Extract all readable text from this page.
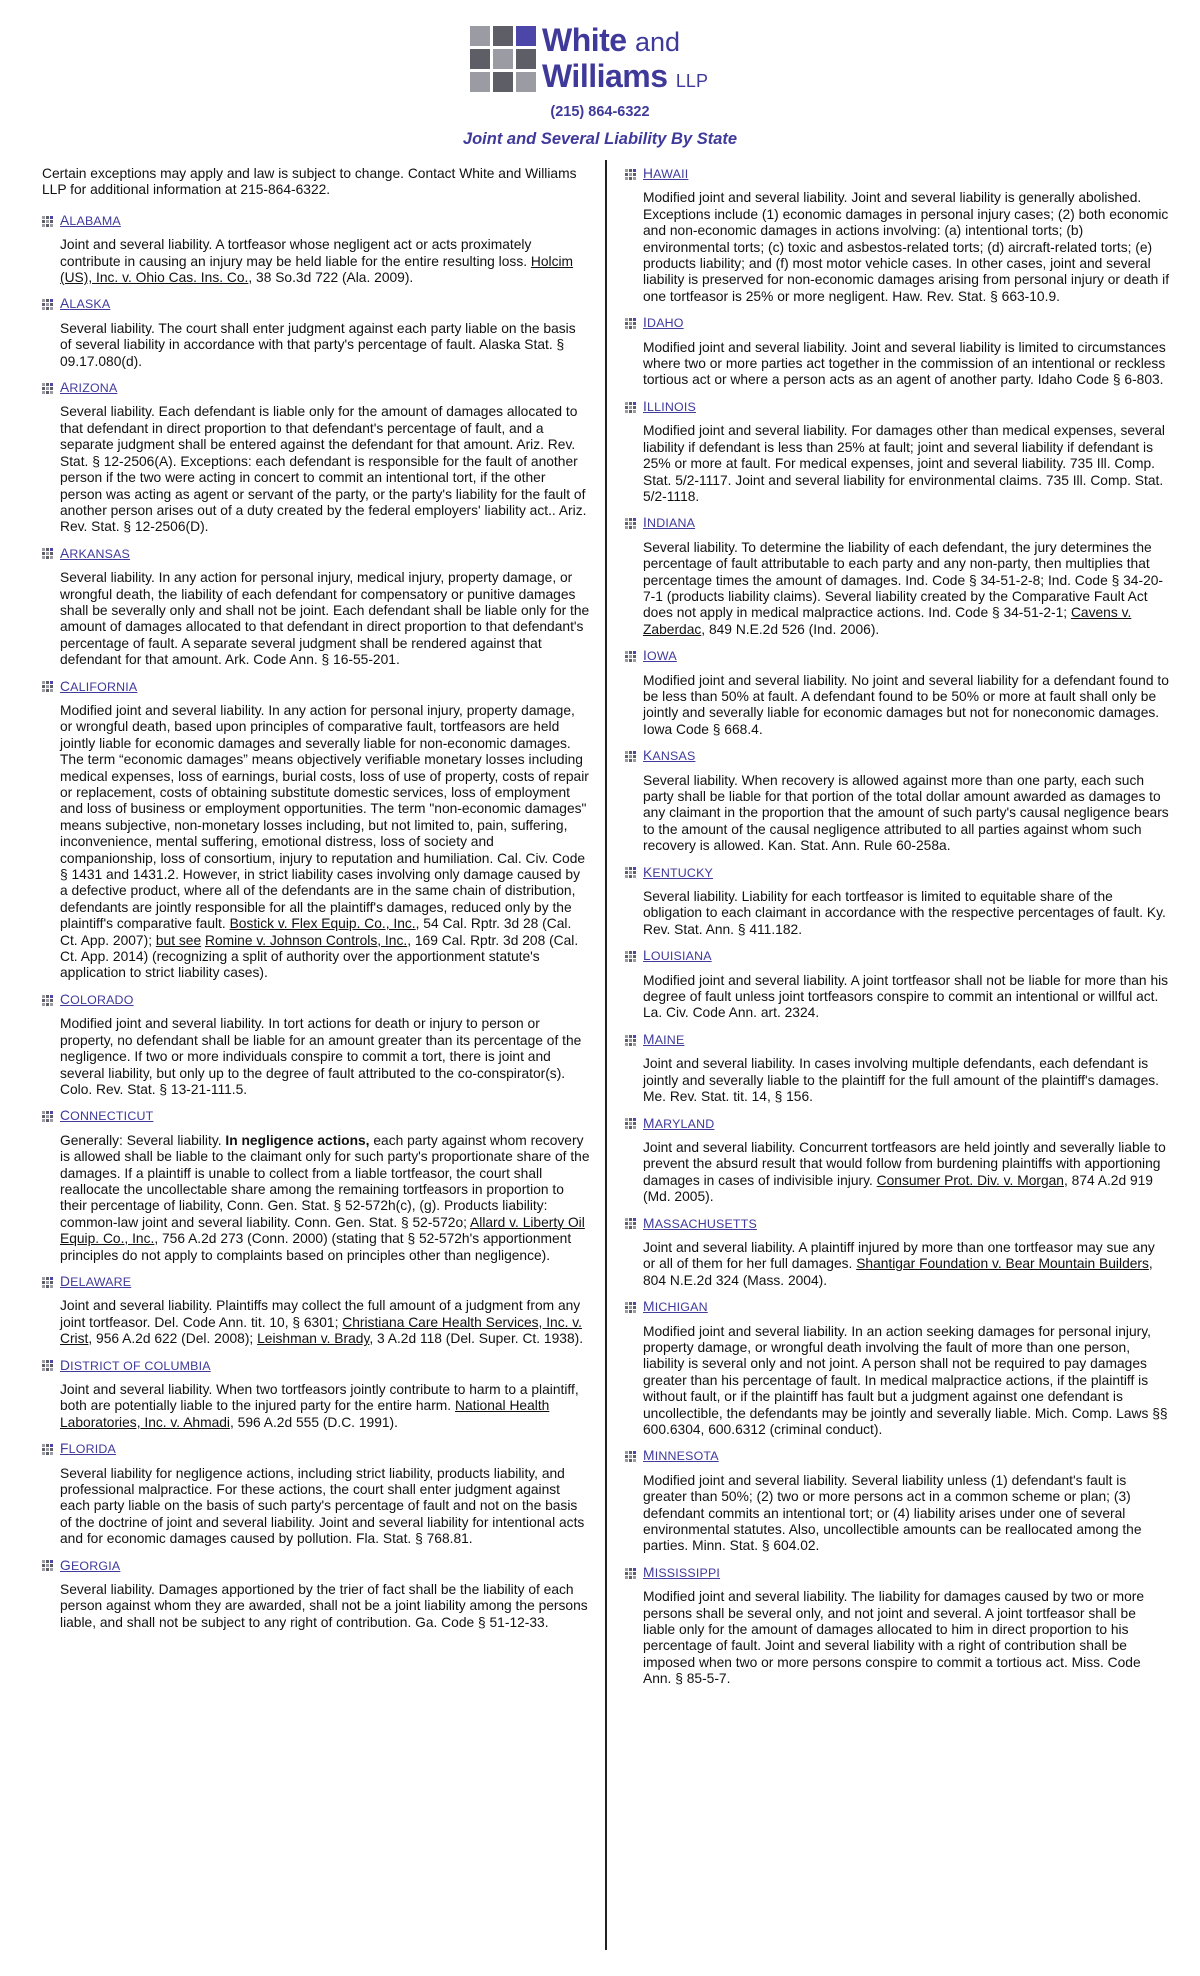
White and
Williams LLP
(215) 864-6322
Joint and Several Liability By State

Certain exceptions may apply and law is subject to change. Contact White and Williams LLP for additional information at 215-864-6322.

ALABAMA

Joint and several liability. A tortfeasor whose negligent act or acts proximately contribute in causing an injury may be held liable for the entire resulting loss. Holcim (US), Inc. v. Ohio Cas. Ins. Co., 38 So.3d 722 (Ala. 2009).

ALASKA

Several liability. The court shall enter judgment against each party liable on the basis of several liability in accordance with that party's percentage of fault. Alaska Stat. § 09.17.080(d).

ARIZONA

Several liability. Each defendant is liable only for the amount of damages allocated to that defendant in direct proportion to that defendant's percentage of fault, and a separate judgment shall be entered against the defendant for that amount. Ariz. Rev. Stat. § 12-2506(A). Exceptions: each defendant is responsible for the fault of another person if the two were acting in concert to commit an intentional tort, if the other person was acting as agent or servant of the party, or the party's liability for the fault of another person arises out of a duty created by the federal employers' liability act.. Ariz. Rev. Stat. § 12-2506(D).

ARKANSAS

Several liability. In any action for personal injury, medical injury, property damage, or wrongful death, the liability of each defendant for compensatory or punitive damages shall be severally only and shall not be joint. Each defendant shall be liable only for the amount of damages allocated to that defendant in direct proportion to that defendant's percentage of fault. A separate several judgment shall be rendered against that defendant for that amount. Ark. Code Ann. § 16-55-201.

CALIFORNIA

Modified joint and several liability. In any action for personal injury, property damage, or wrongful death, based upon principles of comparative fault, tortfeasors are held jointly liable for economic damages and severally liable for non-economic damages. The term “economic damages” means objectively verifiable monetary losses including medical expenses, loss of earnings, burial costs, loss of use of property, costs of repair or replacement, costs of obtaining substitute domestic services, loss of employment and loss of business or employment opportunities. The term "non-economic damages" means subjective, non-monetary losses including, but not limited to, pain, suffering, inconvenience, mental suffering, emotional distress, loss of society and companionship, loss of consortium, injury to reputation and humiliation. Cal. Civ. Code § 1431 and 1431.2. However, in strict liability cases involving only damage caused by a defective product, where all of the defendants are in the same chain of distribution, defendants are jointly responsible for all the plaintiff's damages, reduced only by the plaintiff's comparative fault. Bostick v. Flex Equip. Co., Inc., 54 Cal. Rptr. 3d 28 (Cal. Ct. App. 2007); but see Romine v. Johnson Controls, Inc., 169 Cal. Rptr. 3d 208 (Cal. Ct. App. 2014) (recognizing a split of authority over the apportionment statute's application to strict liability cases).

COLORADO

Modified joint and several liability. In tort actions for death or injury to person or property, no defendant shall be liable for an amount greater than its percentage of the negligence. If two or more individuals conspire to commit a tort, there is joint and several liability, but only up to the degree of fault attributed to the co-conspirator(s). Colo. Rev. Stat. § 13-21-111.5.

CONNECTICUT

Generally: Several liability. In negligence actions, each party against whom recovery is allowed shall be liable to the claimant only for such party's proportionate share of the damages. If a plaintiff is unable to collect from a liable tortfeasor, the court shall reallocate the uncollectable share among the remaining tortfeasors in proportion to their percentage of liability, Conn. Gen. Stat. § 52-572h(c), (g). Products liability: common-law joint and several liability. Conn. Gen. Stat. § 52-572o; Allard v. Liberty Oil Equip. Co., Inc., 756 A.2d 273 (Conn. 2000) (stating that § 52-572h's apportionment principles do not apply to complaints based on principles other than negligence).

DELAWARE

Joint and several liability. Plaintiffs may collect the full amount of a judgment from any joint tortfeasor. Del. Code Ann. tit. 10, § 6301; Christiana Care Health Services, Inc. v. Crist, 956 A.2d 622 (Del. 2008); Leishman v. Brady, 3 A.2d 118 (Del. Super. Ct. 1938).

DISTRICT OF COLUMBIA

Joint and several liability. When two tortfeasors jointly contribute to harm to a plaintiff, both are potentially liable to the injured party for the entire harm. National Health Laboratories, Inc. v. Ahmadi, 596 A.2d 555 (D.C. 1991).

FLORIDA

Several liability for negligence actions, including strict liability, products liability, and professional malpractice. For these actions, the court shall enter judgment against each party liable on the basis of such party's percentage of fault and not on the basis of the doctrine of joint and several liability. Joint and several liability for intentional acts and for economic damages caused by pollution. Fla. Stat. § 768.81.

GEORGIA

Several liability. Damages apportioned by the trier of fact shall be the liability of each person against whom they are awarded, shall not be a joint liability among the persons liable, and shall not be subject to any right of contribution. Ga. Code § 51-12-33.

HAWAII

Modified joint and several liability. Joint and several liability is generally abolished. Exceptions include (1) economic damages in personal injury cases; (2) both economic and non-economic damages in actions involving: (a) intentional torts; (b) environmental torts; (c) toxic and asbestos-related torts; (d) aircraft-related torts; (e) products liability; and (f) most motor vehicle cases. In other cases, joint and several liability is preserved for non-economic damages arising from personal injury or death if one tortfeasor is 25% or more negligent. Haw. Rev. Stat. § 663-10.9.

IDAHO

Modified joint and several liability. Joint and several liability is limited to circumstances where two or more parties act together in the commission of an intentional or reckless tortious act or where a person acts as an agent of another party. Idaho Code § 6-803.

ILLINOIS

Modified joint and several liability. For damages other than medical expenses, several liability if defendant is less than 25% at fault; joint and several liability if defendant is 25% or more at fault. For medical expenses, joint and several liability. 735 Ill. Comp. Stat. 5/2-1117. Joint and several liability for environmental claims. 735 Ill. Comp. Stat. 5/2-1118.

INDIANA

Several liability. To determine the liability of each defendant, the jury determines the percentage of fault attributable to each party and any non-party, then multiplies that percentage times the amount of damages. Ind. Code § 34-51-2-8; Ind. Code § 34-20-7-1 (products liability claims). Several liability created by the Comparative Fault Act does not apply in medical malpractice actions. Ind. Code § 34-51-2-1; Cavens v. Zaberdac, 849 N.E.2d 526 (Ind. 2006).

IOWA

Modified joint and several liability. No joint and several liability for a defendant found to be less than 50% at fault. A defendant found to be 50% or more at fault shall only be jointly and severally liable for economic damages but not for noneconomic damages. Iowa Code § 668.4.

KANSAS

Several liability. When recovery is allowed against more than one party, each such party shall be liable for that portion of the total dollar amount awarded as damages to any claimant in the proportion that the amount of such party's causal negligence bears to the amount of the causal negligence attributed to all parties against whom such recovery is allowed. Kan. Stat. Ann. Rule 60-258a.

KENTUCKY

Several liability. Liability for each tortfeasor is limited to equitable share of the obligation to each claimant in accordance with the respective percentages of fault. Ky. Rev. Stat. Ann. § 411.182.

LOUISIANA

Modified joint and several liability. A joint tortfeasor shall not be liable for more than his degree of fault unless joint tortfeasors conspire to commit an intentional or willful act. La. Civ. Code Ann. art. 2324.

MAINE

Joint and several liability. In cases involving multiple defendants, each defendant is jointly and severally liable to the plaintiff for the full amount of the plaintiff's damages. Me. Rev. Stat. tit. 14, § 156.

MARYLAND

Joint and several liability. Concurrent tortfeasors are held jointly and severally liable to prevent the absurd result that would follow from burdening plaintiffs with apportioning damages in cases of indivisible injury. Consumer Prot. Div. v. Morgan, 874 A.2d 919 (Md. 2005).

MASSACHUSETTS

Joint and several liability. A plaintiff injured by more than one tortfeasor may sue any or all of them for her full damages. Shantigar Foundation v. Bear Mountain Builders, 804 N.E.2d 324 (Mass. 2004).

MICHIGAN

Modified joint and several liability. In an action seeking damages for personal injury, property damage, or wrongful death involving the fault of more than one person, liability is several only and not joint. A person shall not be required to pay damages greater than his percentage of fault. In medical malpractice actions, if the plaintiff is without fault, or if the plaintiff has fault but a judgment against one defendant is uncollectible, the defendants may be jointly and severally liable. Mich. Comp. Laws §§ 600.6304, 600.6312 (criminal conduct).

MINNESOTA

Modified joint and several liability. Several liability unless (1) defendant's fault is greater than 50%; (2) two or more persons act in a common scheme or plan; (3) defendant commits an intentional tort; or (4) liability arises under one of several environmental statutes. Also, uncollectible amounts can be reallocated among the parties. Minn. Stat. § 604.02.

MISSISSIPPI

Modified joint and several liability. The liability for damages caused by two or more persons shall be several only, and not joint and several. A joint tortfeasor shall be liable only for the amount of damages allocated to him in direct proportion to his percentage of fault. Joint and several liability with a right of contribution shall be imposed when two or more persons conspire to commit a tortious act. Miss. Code Ann. § 85-5-7.
